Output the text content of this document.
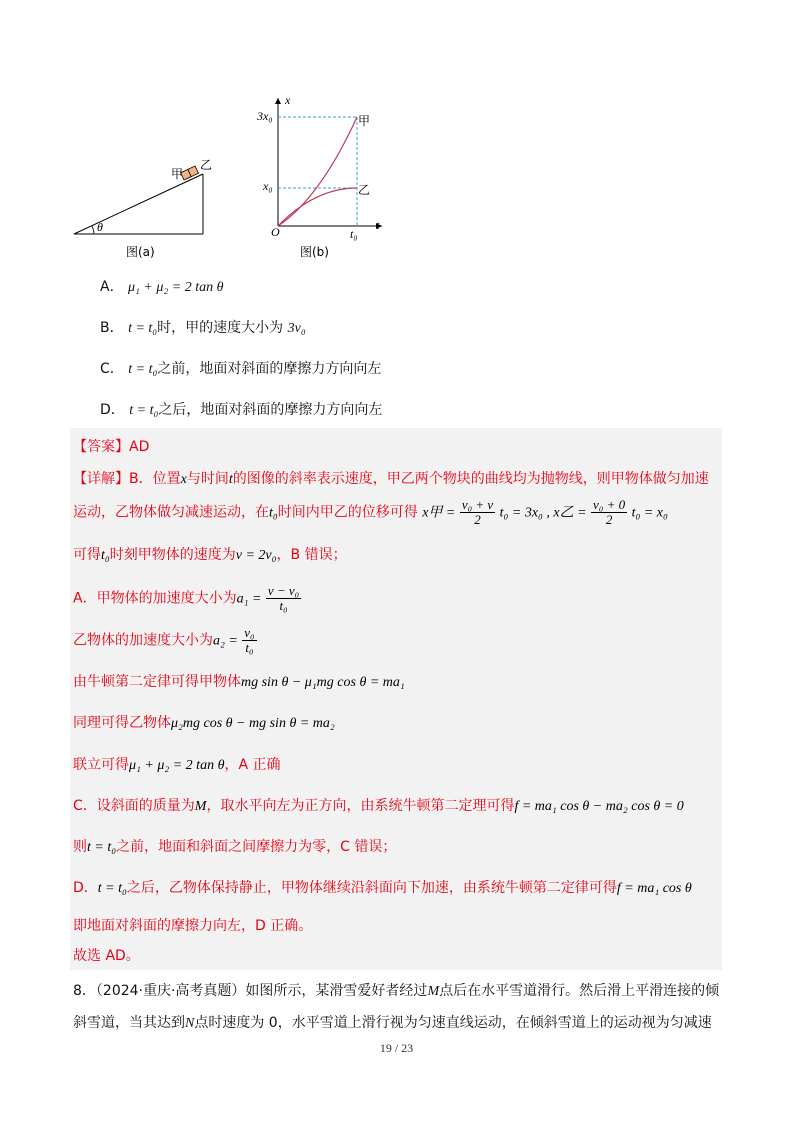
甲
乙
θ
图(a)
x
3x₀
x₀
甲
乙
O	t₀
t
图(b)
A． μ₁ + μ₂ = 2 tan θ
B． t = t₀时，甲的速度大小为 3v₀
C． t = t₀之前，地面对斜面的摩擦力方向向左
D． t = t₀之后，地面对斜面的摩擦力方向向左
【答案】AD
【详解】B．位置x与时间t的图像的斜率表示速度，甲乙两个物块的曲线均为抛物线，则甲物体做匀加速
运动，乙物体做匀减速运动，在t₀时间内甲乙的位移可得 x甲 = $\frac{\text{v₀ + v}}{2} t_0 = 3x_0$ , x乙 = $\frac{\text{v₀ + 0}}{2} t_0 = x_0$
可得t₀时刻甲物体的速度为v = 2v₀，B 错误；
A．甲物体的加速度大小为$a_1 = \frac{\text{v − v₀}}{\text{t₀}}$
乙物体的加速度大小为$a_2 = \frac{\text{v₀}}{\text{t₀}}$
由牛顿第二定律可得甲物体mg sin θ − μ₁mg cos θ = ma₁
同理可得乙物体μ₂mg cos θ − mg sin θ = ma₂
联立可得μ₁ + μ₂ = 2 tan θ，A 正确
C．设斜面的质量为M，取水平向左为正方向，由系统牛顿第二定理可得f = ma₁ cos θ − ma₂ cos θ = 0
则t = t₀之前，地面和斜面之间摩擦力为零，C 错误；
D．t = t₀之后，乙物体保持静止，甲物体继续沿斜面向下加速，由系统牛顿第二定律可得f = ma₁ cos θ
即地面对斜面的摩擦力向左，D 正确。
故选 AD。
8．（2024·重庆·高考真题）如图所示，某滑雪爱好者经过M点后在水平雪道滑行。然后滑上平滑连接的倾
斜雪道，当其达到N点时速度为 0，水平雪道上滑行视为匀速直线运动，在倾斜雪道上的运动视为匀减速
19 / 23
